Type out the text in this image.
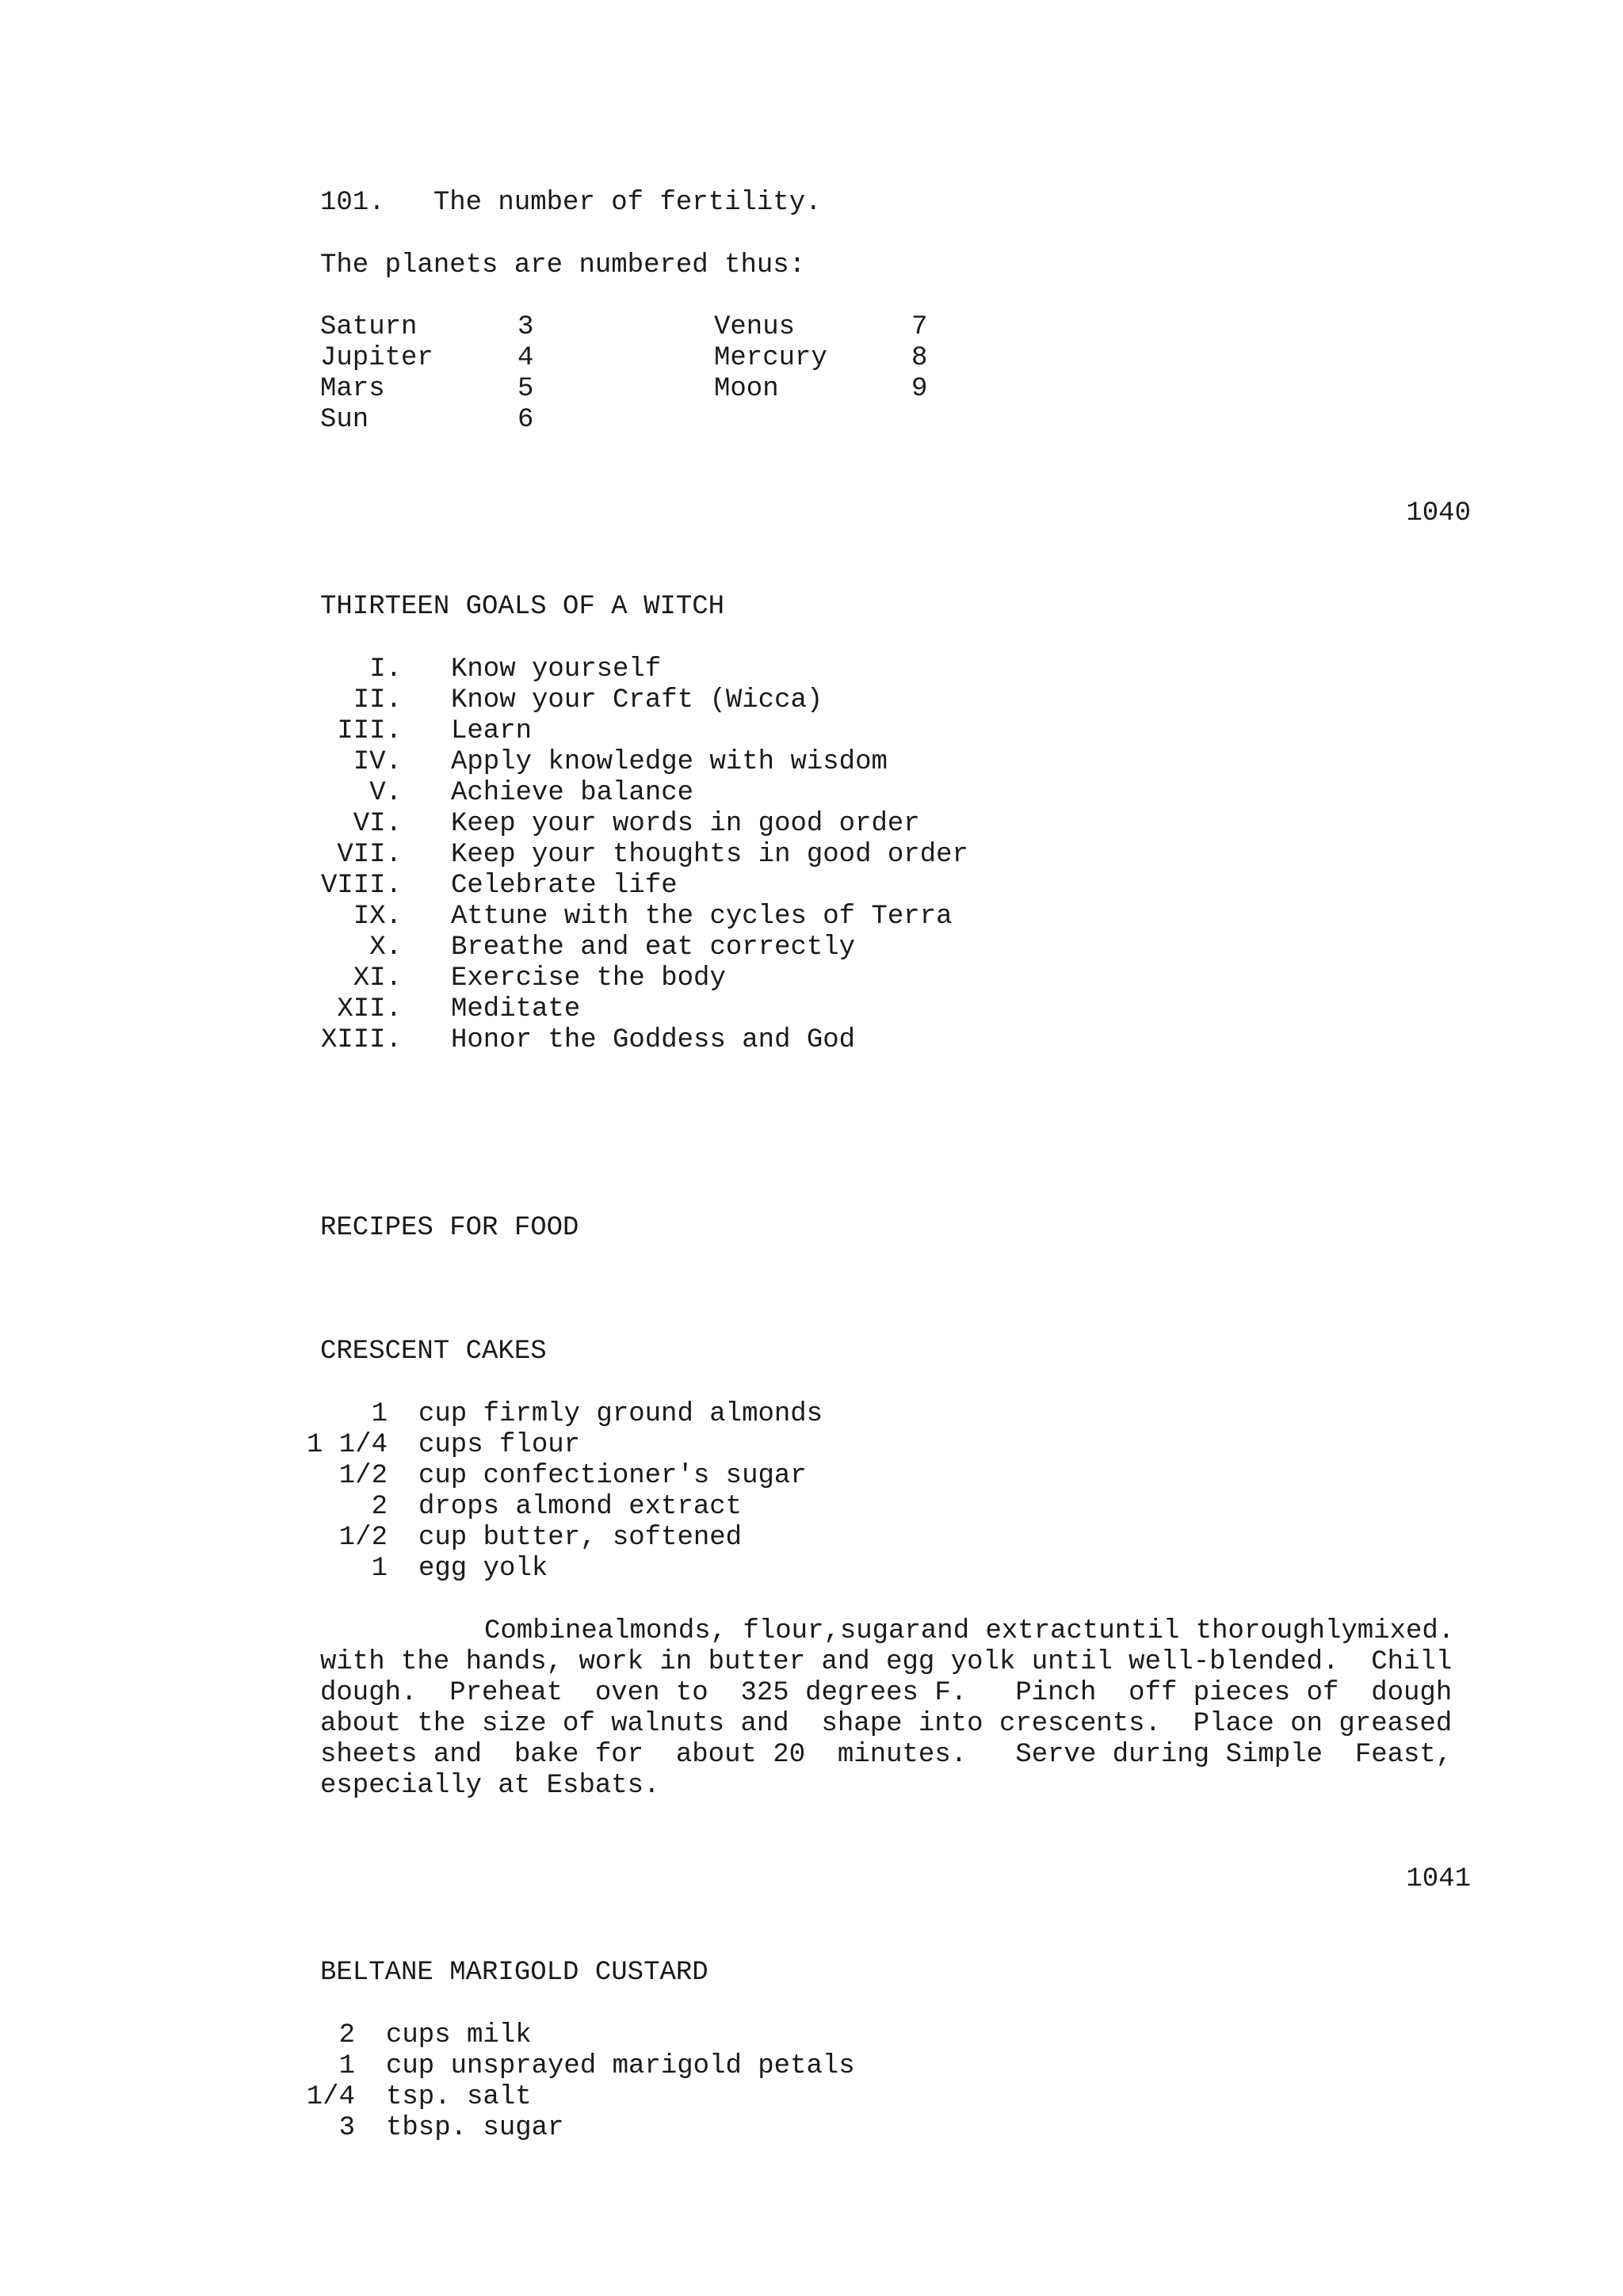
101.   The number of fertility.
The planets are numbered thus:
Saturn	3	Venus	7
Jupiter	4	Mercury	8
Mars	5	Moon	9
Sun	6
1040
THIRTEEN GOALS OF A WITCH
I. Know yourself
II. Know your Craft (Wicca)
III. Learn
IV. Apply knowledge with wisdom
V. Achieve balance
VI. Keep your words in good order
VII. Keep your thoughts in good order
VIII. Celebrate life
IX. Attune with the cycles of Terra
X. Breathe and eat correctly
XI. Exercise the body
XII. Meditate
XIII. Honor the Goddess and God
RECIPES FOR FOOD
CRESCENT CAKES
1 cup firmly ground almonds
1 1/4 cups flour
1/2 cup confectioner's sugar
2 drops almond extract
1/2 cup butter, softened
1 egg yolk
Combinealmonds, flour,sugarand extractuntil thoroughlymixed.
with the hands, work in butter and egg yolk until well-blended.  Chill
dough.  Preheat  oven to  325 degrees F.   Pinch  off pieces of  dough
about the size of walnuts and  shape into crescents.  Place on greased
sheets and  bake for  about 20  minutes.   Serve during Simple  Feast,
especially at Esbats.
1041
BELTANE MARIGOLD CUSTARD
2 cups milk
1 cup unsprayed marigold petals
1/4 tsp. salt
3 tbsp. sugar
